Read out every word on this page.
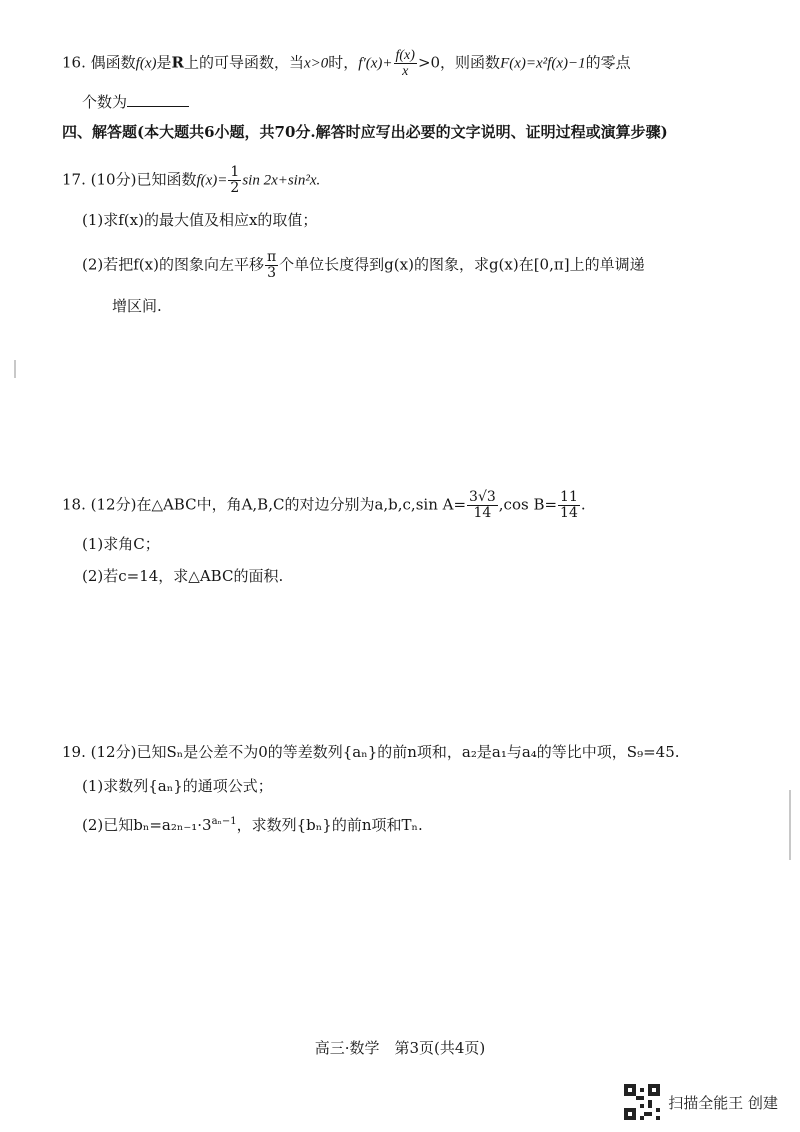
16. 偶函数f(x)是R上的可导函数，当x>0时，$f'(x)+ \frac{f(x)}{x} >0$，则函数F(x)=x²f(x)−1的零点
个数为
四、解答题(本大题共6小题，共70分.解答时应写出必要的文字说明、证明过程或演算步骤)
17. (10分)已知函数$f(x)= \frac{1}{2}$ sin 2x+sin²x.
(1)求f(x)的最大值及相应x的取值；
(2)若把f(x)的图象向左平移 $\frac{\pi}{3}$ 个单位长度得到g(x)的图象，求g(x)在[0,π]上的单调递
增区间.
18. (12分)在△ABC中，角A,B,C的对边分别为a,b,c,sin $A= \frac{3√3}{14} ,\cos$ $B= \frac{11}{14}$ .
(1)求角C；
(2)若c=14，求△ABC的面积.
19. (12分)已知Sₙ是公差不为0的等差数列{aₙ}的前n项和，a₂是a₁与a₄的等比中项，S₉=45.
(1)求数列{aₙ}的通项公式；
(2)已知$b_n=a_{2n-1}\cdot 3^{a_n-1}$，求数列{bₙ}的前n项和Tₙ.
高三·数学　第3页(共4页)
扫描全能王 创建
